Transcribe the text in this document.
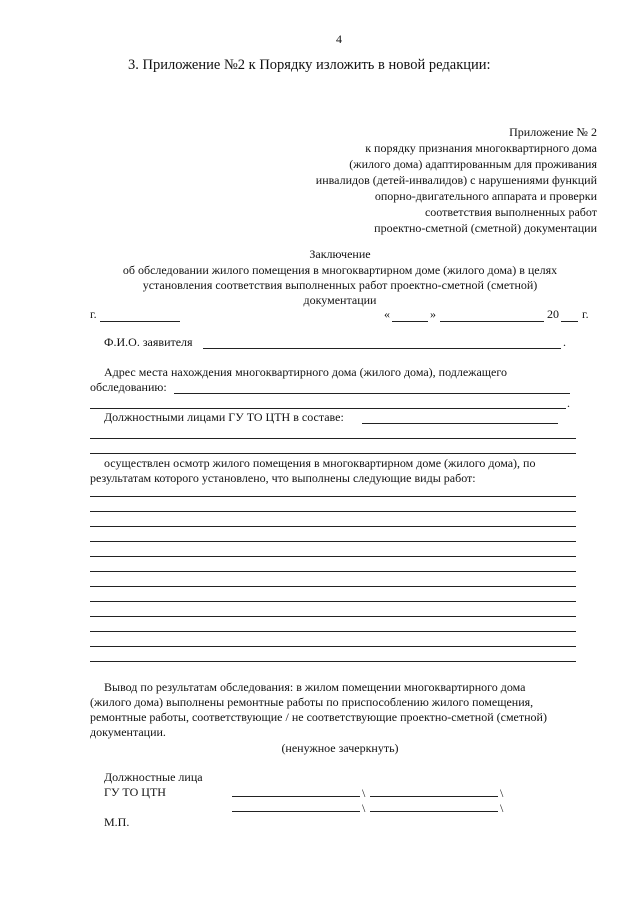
4
3. Приложение №2 к Порядку изложить в новой редакции:
Приложение № 2
к порядку признания многоквартирного дома
(жилого дома) адаптированным для проживания
инвалидов (детей-инвалидов) с нарушениями функций
опорно-двигательного аппарата и проверки
соответствия выполненных работ
проектно-сметной (сметной) документации
Заключение
об обследовании жилого помещения в многоквартирном доме (жилого дома) в целях
установления соответствия выполненных работ проектно-сметной (сметной)
документации
г.	«	»	20 г.
Ф.И.О. заявителя	.
Адрес места нахождения многоквартирного дома (жилого дома), подлежащего
обследованию:
.
Должностными лицами ГУ ТО ЦТН в составе:
осуществлен осмотр жилого помещения в многоквартирном доме (жилого дома), по
результатам которого установлено, что выполнены следующие виды работ:
Вывод по результатам обследования: в жилом помещении многоквартирного дома
(жилого дома) выполнены ремонтные работы по приспособлению жилого помещения,
ремонтные работы, соответствующие / не соответствующие проектно-сметной (сметной)
документации.
(ненужное зачеркнуть)
Должностные лица
ГУ ТО ЦТН	\	\
\	\
М.П.
